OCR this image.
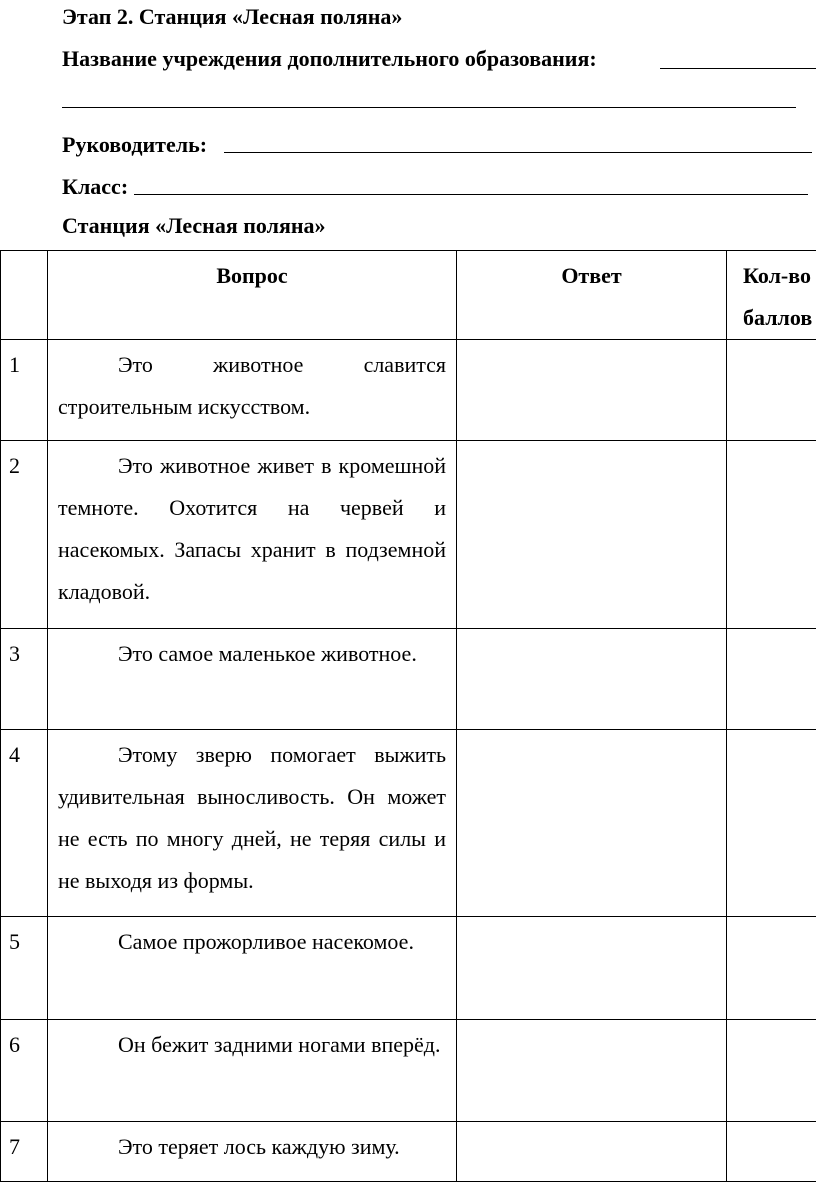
Этап 2. Станция «Лесная поляна»
Название учреждения дополнительного образования:
Руководитель:
Класс:
Станция «Лесная поляна»
	Вопрос	Ответ	Кол-во
баллов
1	Это животное славится строительным искусством.		

2	Это животное живет в кромешной темноте. Охотится на червей и насекомых. Запасы хранит в подземной кладовой.		

3	Это самое маленькое животное.		

4	Этому зверю помогает выжить удивительная выносливость. Он может не есть по многу дней, не теряя силы и не выходя из формы.		

5	Самое прожорливое насекомое.		

6	Он бежит задними ногами вперёд.		

7	Это теряет лось каждую зиму.		
